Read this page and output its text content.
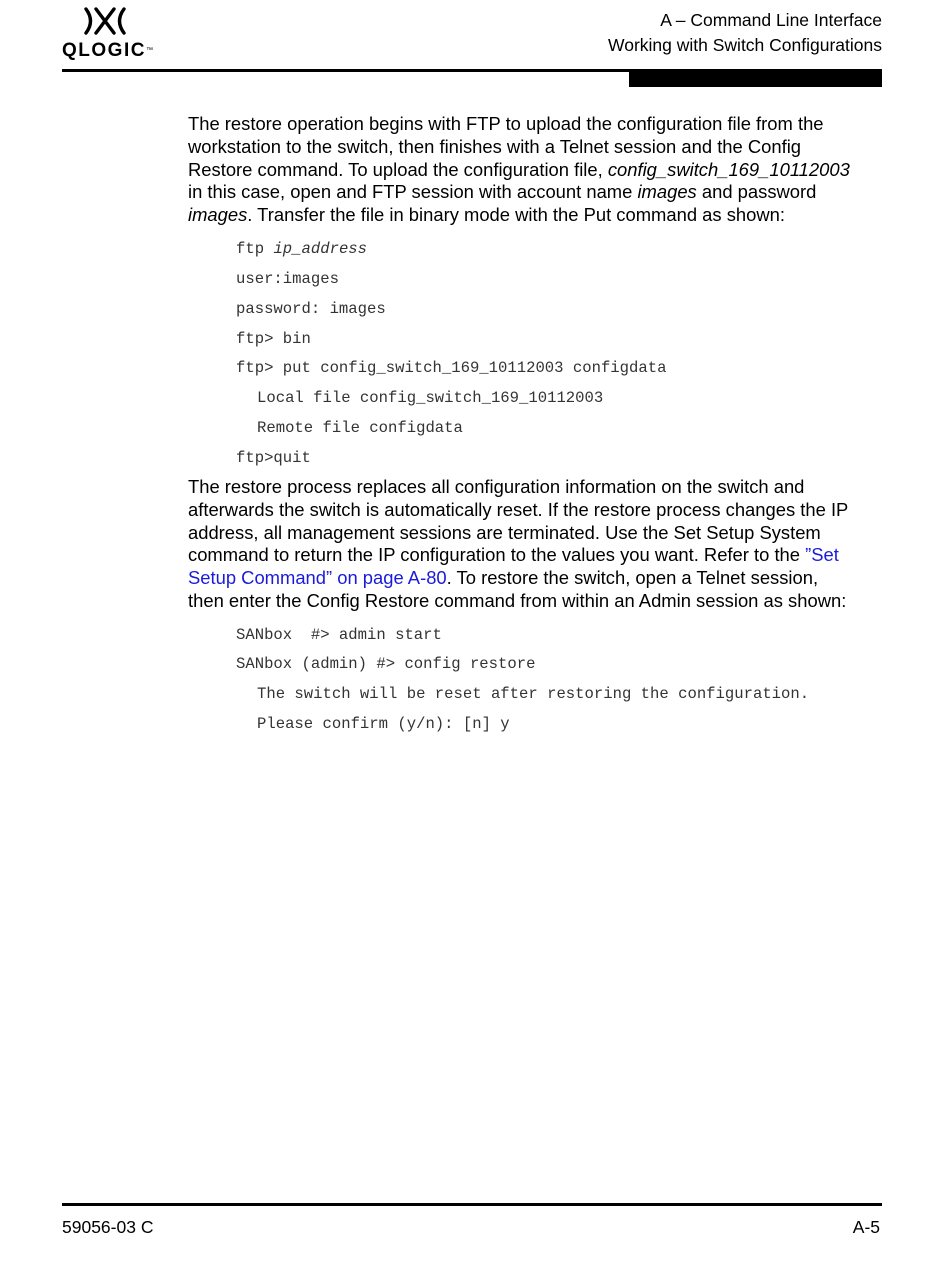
QLOGIC™
A – Command Line Interface
Working with Switch Configurations
The restore operation begins with FTP to upload the configuration file from the
workstation to the switch, then finishes with a Telnet session and the Config
Restore command. To upload the configuration file, config_switch_169_10112003
in this case, open and FTP session with account name images and password
images. Transfer the file in binary mode with the Put command as shown:
ftp ip_address
user:images
password: images
ftp> bin
ftp> put config_switch_169_10112003 configdata
Local file config_switch_169_10112003
Remote file configdata
ftp>quit
The restore process replaces all configuration information on the switch and
afterwards the switch is automatically reset. If the restore process changes the IP
address, all management sessions are terminated. Use the Set Setup System
command to return the IP configuration to the values you want. Refer to the ”Set
Setup Command” on page A-80. To restore the switch, open a Telnet session,
then enter the Config Restore command from within an Admin session as shown:
SANbox  #> admin start
SANbox (admin) #> config restore
The switch will be reset after restoring the configuration.
Please confirm (y/n): [n] y
59056-03 C	A-5
